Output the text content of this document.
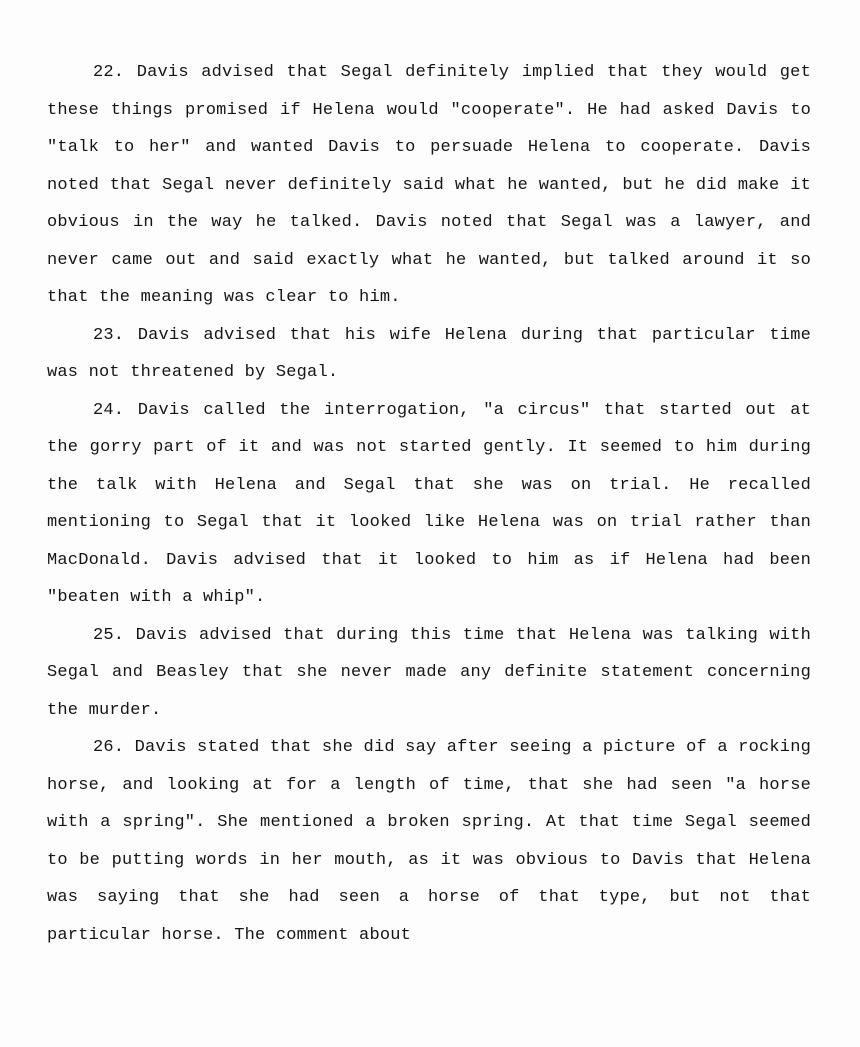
22. Davis advised that Segal definitely implied that they would get these things promised if Helena would "cooperate". He had asked Davis to "talk to her" and wanted Davis to persuade Helena to cooperate. Davis noted that Segal never definitely said what he wanted, but he did make it obvious in the way he talked. Davis noted that Segal was a lawyer, and never came out and said exactly what he wanted, but talked around it so that the meaning was clear to him.

23. Davis advised that his wife Helena during that particular time was not threatened by Segal.

24. Davis called the interrogation, "a circus" that started out at the gorry part of it and was not started gently. It seemed to him during the talk with Helena and Segal that she was on trial. He recalled mentioning to Segal that it looked like Helena was on trial rather than MacDonald. Davis advised that it looked to him as if Helena had been "beaten with a whip".

25. Davis advised that during this time that Helena was talking with Segal and Beasley that she never made any definite statement concerning the murder.

26. Davis stated that she did say after seeing a picture of a rocking horse, and looking at for a length of time, that she had seen "a horse with a spring". She mentioned a broken spring. At that time Segal seemed to be putting words in her mouth, as it was obvious to Davis that Helena was saying that she had seen a horse of that type, but not that particular horse. The comment about
